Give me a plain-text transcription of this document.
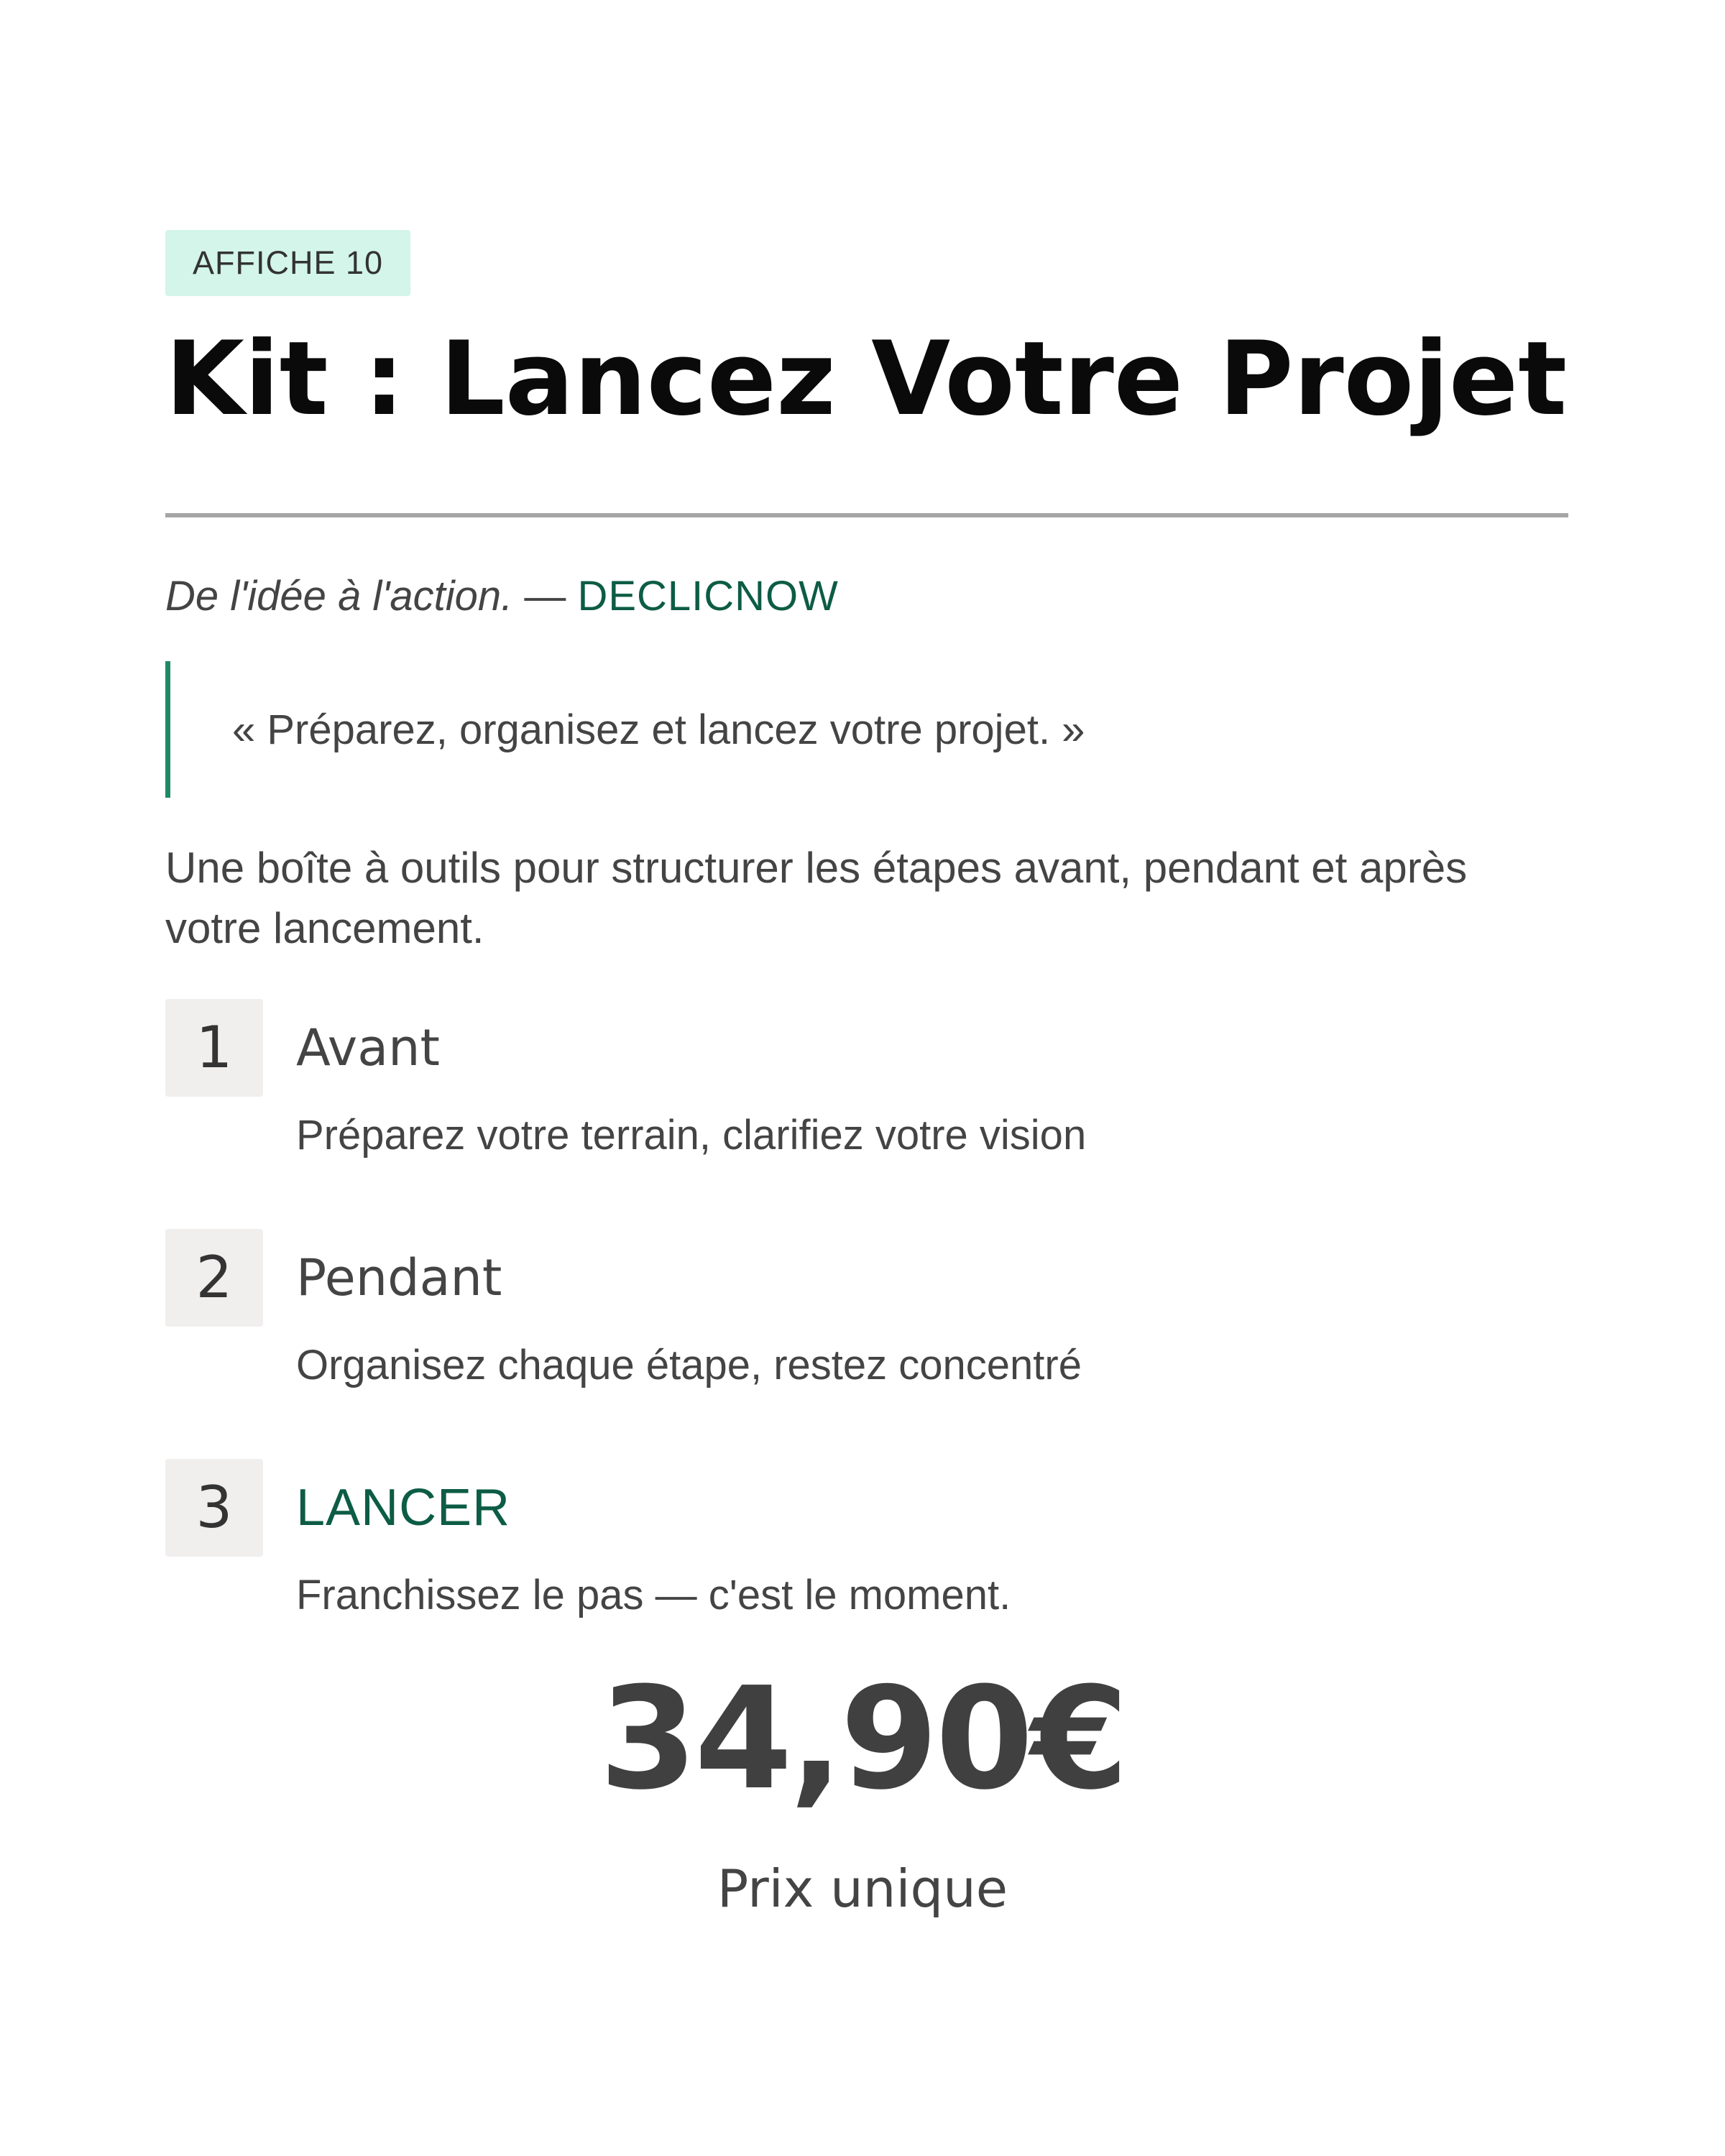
AFFICHE 10
Kit : Lancez Votre Projet
De l'idée à l'action. — DECLICNOW
« Préparez, organisez et lancez votre projet. »
Une boîte à outils pour structurer les étapes avant, pendant et après votre lancement.
1	Avant
Préparez votre terrain, clarifiez votre vision
2	Pendant
Organisez chaque étape, restez concentré
3	LANCER
Franchissez le pas — c'est le moment.
34,90€
Prix unique
